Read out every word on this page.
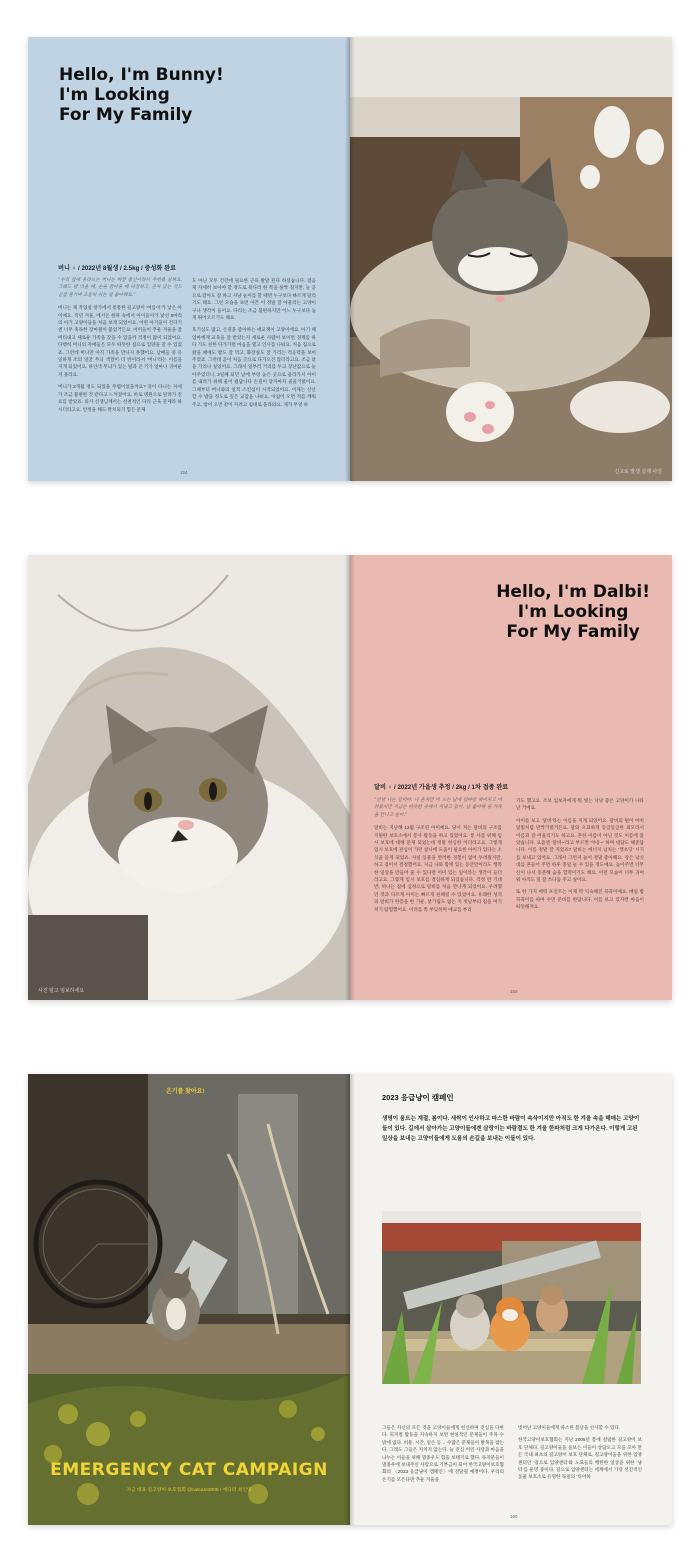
Hello, I'm Bunny!
I'm Looking
For My Family
버니 ♀ / 2022년 8월생 / 2.5kg / 중성화 완료

“우리 집에 올라오는 버니는 바깥 출신이라서 주위를 살펴요. 그래도 밥 먹을 때, 손을 잡아줄 때 다정하고, 혼자 있는 것도 곧잘 즐기며 조용히 쉬는 걸 좋아해요.”

버니는 제 작업실 창가에서 통통한 길고양이 ‘여름이’가 낳은 아이예요. 작년 겨울, 에서온 한파 속에서 아이들이가 낯선 5마리의 아기 고양이들을 처음 보게 되었어요. 어떤 아기들이 건디기엔 너무 혹독한 장마철이 불었거든요. 어미들이 추운 겨울을 잘 버티내고 새로운 가족을 찾을 수 있을까 걱정이 많이 되었어요. 다행히 버니의 자매들은 모두 따뜻한 집으로 입양을 갈 수 있었죠. 그런데 버니만 아직 가족을 만나지 못했어요. 남매들 중 유일하게 조의 얼굴 무늬 색깔이 더 반이라서 ‘버니’라는 이름을 지게 되었어요. 하얀색 무늬가 있는 털과 큰 키가 얼마나 귀여운지 몰라요.

버니가 2개월 정도 되었을 무렵이었을까요? 길이 다니는 자세가 조금 불편한 것 같다고 느껴졌어요. 바로 병원으로 달려가 진료를 받았죠. 의사 선생님께서는 선천적인 다리 근육 문제라 하시더라고요. 안정을 해도 완치되기 힘든 문제

도 아닌 모두 건강에 필요한 근육 발달 된다 하셨습니다. 걸음 제 자세히 보아야 할 정도로 뒷다리 한 쪽을 살짝 절지만, 늘 곧으로 잡아도 잘 하고 사냥 놀이를 할 때면 누구보다 빠르게 달리기도 해요. 그런 모습을 보면 아픈 이 정말 잘 아물리는 고양이구나 생각이 들어요. 다리는 조금 불편하지만 어느 누구보다 높게 뛰어오르기도 해요.

호기심도 많고, 손길을 좋아하는 애교쟁이 고양이에요. 아기 때 엄마에게 교육을 잘 받았는지 새로운 사람이 보이면 경계를 하다 가도 친한 다가가면 마음을 열고 인사를 나눠요. 처음 집으로 왔을 때에도 밥도 잘 먹고, 화장실도 잘 가리는 적응력을 보여 주었죠. 그런데 곧이 처음 곳으로 다가오진 않더라고요. 조금 낯을 가리나 싶었어요. 그래서 일부러 거리를 두고 장난감으로 놀아주었더니, 3일째 되던 날에 부엉 높은 곳으로 올라가서 아이를 내려가 위해 울어 줬답니다 손길이 닿자마자 골골거렸어요. 그때부터 버니와의 일적 스킨십이 시작되었어요. 이제는 산산할 수 밥을 정도로 깊은 교감을 나눠요. 아침이 오면 저를 깨워 주고, 밤이 오면 같이 자려고 침대로 올라와요. 제가 무얼 하

154	신고로 발생 실제 사진
사진 털고 임보하세요
Hello, I'm Dalbi!
I'm Looking
For My Family
달비 ♀ / 2022년 가을생 추정 / 2kg / 1차 접종 완료

“안녕 나는 달비야. 나 혼자만 비 오는 날에 엄마랑 헤어지고 어려웠지만 지금은 따뜻한 곳에서 지내고 있어. 날 좋아해 줄 가족을 만나고 싶어.”

달비는 지난해 12월 구조된 아이예요. 당시 저는 달비의 구조를 지원한 보호소에서 봉사 활동을 하고 있었어요. 통 사를 위해 임시 보호에 대해 문제 되었는데 정말 한심한 이더라고요. 그렇게 임시 보호에 관심이 가던 참나에 도움이 필요한 아이가 있다는 소식을 듣게 되었죠. 사실 동물을 반려한 경험이 없어 두려웠지만, 하고 겪어서 결정했어요. 지금 나와 함께 있는 동안만이라도 행복한 일상을 만들어 줄 수 있다면 이미 있는 일이라는 생각이 들더라고요. 그렇게 임시 보호를 결심하게 되었습니다. 걱정 반 기대 반, 떠나는 집에 심정으로 달비를 처음 만나게 되었어요. 우려했던 것과 다르게 아이는 빠르게 친해질 수 있었어요. 유쾌한 성격의 달비가 한층을 한 가운, 낯가림도 없는 지 첫날부터 집을 여기저기 탐험했어요. 이러를 쪽 부딪히며 애교를 부리

기도 했고요. 조보 입보자에게 뭐 빛는 낙낭 좋은 고양이가 나타난 거예요.

아이를 보고 ‘달비’라는 이름을 지게 되었어요. 달비의 털이 마치 달빛처럼 반짝거렸거든요. 달의 오묘하게 동글동글한 외모라서 이름과 잘 어울리기도 하고요. 혼한 이름이 아닌 것도 이름에 꼽았습니다. 요즘엔 ‘달비~’라고 부르면 ‘야옹~’ 하며 대답도 해준답니다. 이름 정말 잘 지었죠? 달비는 에너지 넘치는 ‘캣초딩’ 시기를 보내고 있어요. 그래서 그런지 놀이 정말 좋아해요. 장은 낚싯대를 흔들어 주면 하루 종일 놀 수 있을 정도예요. 높아주면 너무 신이 나서 흥분해 숨을 헐떡이기도 해요. 이런 모습이 너무 귀여워 아직도 밀 잘 쓰다듬 주고 싶어요.

또 한 가지 매력 포인트는 이제 막 익숙해진 꾹꾹이예요. 매일 밤 꾹꾹이를 하며 수면 준비를 한답니다. 이를 보고 있자면 마음이 따뜻해져요.

159
온기를 찾아요!
EMERGENCY CAT CAMPAIGN
지금 대표 길고양이 보호협회 @catcare2005 / 에디터 최인영
2023 응급냥이 캠페인
생명이 움트는 계절, 봄이다. 새싹이 인사하고 따스한 바람이 속삭이지만 아직도 한 겨울 속을 헤매는 고양이들이 있다. 길에서 살아가는 고양이들에겐 살랑이는 바람결도 한 겨울 한파처럼 크게 다가온다. 이렇게 고된 일상을 보내는 고양이들에게 도움의 손길을 보내는 이들이 있다.

그들은 자신의 모든 것을 고양이들에게 헌신하며 진심을 다한다. 피지컬 활동을 지속하지 보면 현실적인 문제들이 주목 수밖에 없다. 비용, 시간, 일손 등… 수많은 문제들이 발목을 잡는다. 그래도 그들은 지치지 않는다. 늘 진심 어린 사랑과 마음을 나누는 이들을 위해 멸종우도 힘을 보태기로 했다. 독자분들이 멸종우에 보내주신 사랑으로 기부금이 되어 한국고양이보호협회의 〈2023 응급냥이 캠페인〉에 전달될 예정이다. 우리의 온기를 모은다면 추운 겨울을

벗어난 고양이들에게 따스한 봄날을 선사할 수 있다.

한국고양이보호협회는 지난 2005년 봄에 설립한 길고양이 보호 단체다. 길고양이들을 돌보는 이들이 상담오고 모을 모아 만든 국내 최초의 길고양이 보호 단체로, 길고양이들을 위한 입양 센터인 ‘길으로 입양센터’와 노묘들의 행한한 일상을 위한 ‘냥터’를 운영 중이다. 길으로 입양센터는 세계에서 가장 선진적인 동물 보호소로 유명한 독일의 ‘티어하

160
